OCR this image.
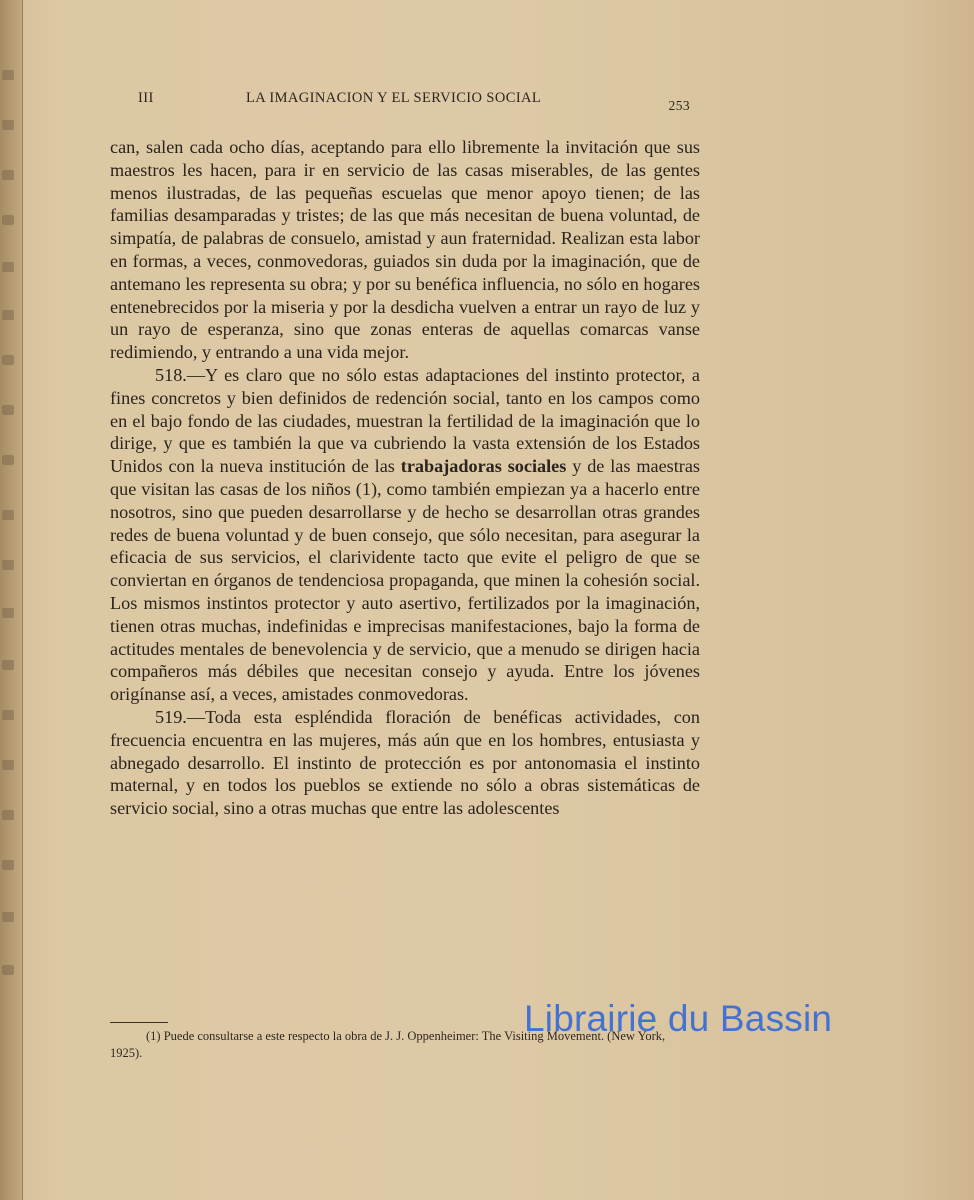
III	LA IMAGINACION Y EL SERVICIO SOCIAL	253

can, salen cada ocho días, aceptando para ello libremente la invitación que sus maestros les hacen, para ir en servicio de las casas miserables, de las gentes menos ilustradas, de las pequeñas escuelas que menor apoyo tienen; de las familias desamparadas y tristes; de las que más necesitan de buena voluntad, de simpatía, de palabras de consuelo, amistad y aun fraternidad. Realizan esta labor en formas, a veces, conmovedoras, guiados sin duda por la imaginación, que de antemano les representa su obra; y por su benéfica influencia, no sólo en hogares entenebrecidos por la miseria y por la desdicha vuelven a entrar un rayo de luz y un rayo de esperanza, sino que zonas enteras de aquellas comarcas vanse redimiendo, y entrando a una vida mejor.

518.—Y es claro que no sólo estas adaptaciones del instinto protector, a fines concretos y bien definidos de redención social, tanto en los campos como en el bajo fondo de las ciudades, muestran la fertilidad de la imaginación que lo dirige, y que es también la que va cubriendo la vasta extensión de los Estados Unidos con la nueva institución de las trabajadoras sociales y de las maestras que visitan las casas de los niños (1), como también empiezan ya a hacerlo entre nosotros, sino que pueden desarrollarse y de hecho se desarrollan otras grandes redes de buena voluntad y de buen consejo, que sólo necesitan, para asegurar la eficacia de sus servicios, el clarividente tacto que evite el peligro de que se conviertan en órganos de tendenciosa propaganda, que minen la cohesión social. Los mismos instintos protector y auto asertivo, fertilizados por la imaginación, tienen otras muchas, indefinidas e imprecisas manifestaciones, bajo la forma de actitudes mentales de benevolencia y de servicio, que a menudo se dirigen hacia compañeros más débiles que necesitan consejo y ayuda. Entre los jóvenes origínanse así, a veces, amistades conmovedoras.

519.—Toda esta espléndida floración de benéficas actividades, con frecuencia encuentra en las mujeres, más aún que en los hombres, entusiasta y abnegado desarrollo. El instinto de protección es por antonomasia el instinto maternal, y en todos los pueblos se extiende no sólo a obras sistemáticas de servicio social, sino a otras muchas que entre las adolescentes

(1) Puede consultarse a este respecto la obra de J. J. Oppenheimer: The Visiting Movement. (New York, 1925).

Librairie du Bassin
